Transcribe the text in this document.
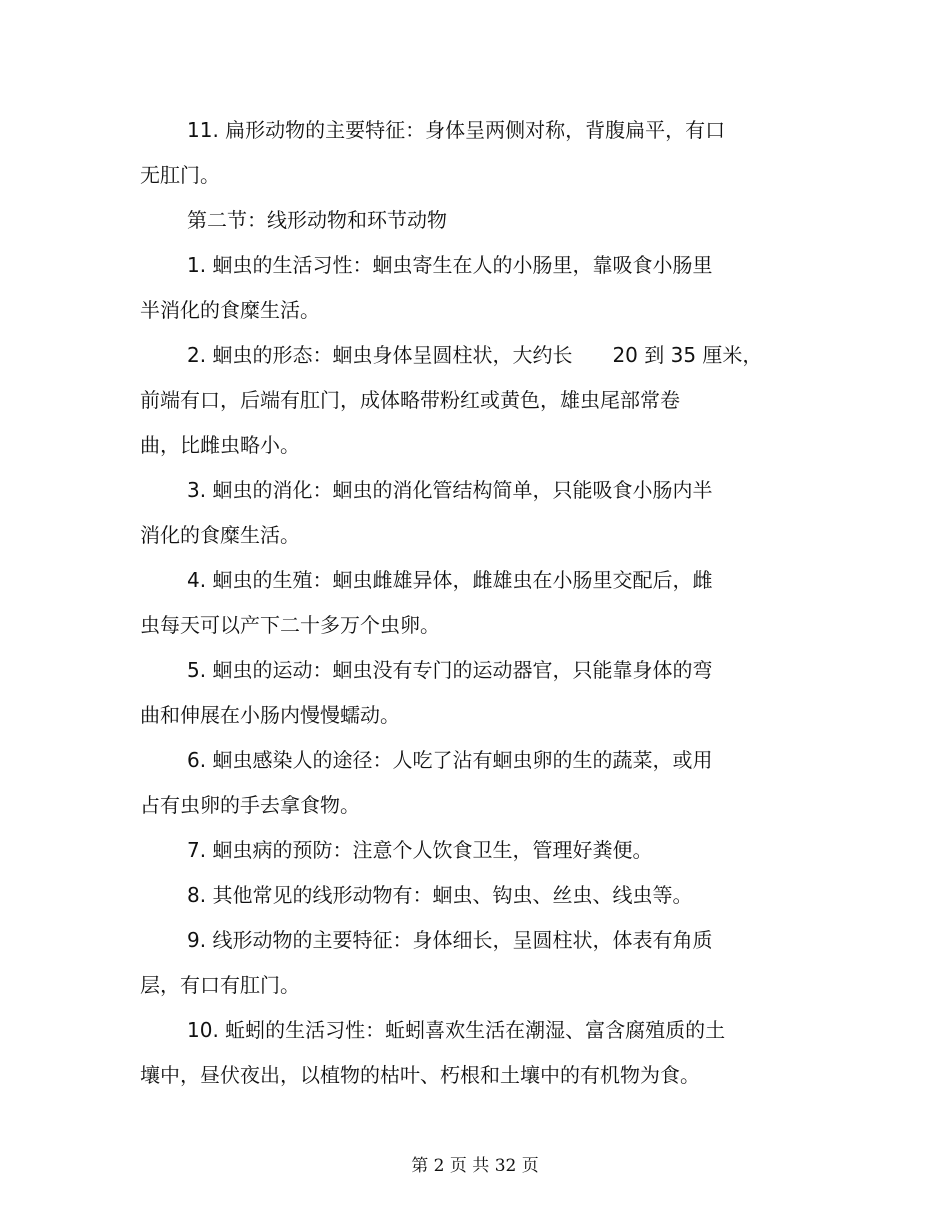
11. 扁形动物的主要特征：身体呈两侧对称，背腹扁平，有口
无肛门。
第二节：线形动物和环节动物
1. 蛔虫的生活习性：蛔虫寄生在人的小肠里，靠吸食小肠里
半消化的食糜生活。
2. 蛔虫的形态：蛔虫身体呈圆柱状，大约长　　20 到 35 厘米，
前端有口，后端有肛门，成体略带粉红或黄色，雄虫尾部常卷
曲，比雌虫略小。
3. 蛔虫的消化：蛔虫的消化管结构简单，只能吸食小肠内半
消化的食糜生活。
4. 蛔虫的生殖：蛔虫雌雄异体，雌雄虫在小肠里交配后，雌
虫每天可以产下二十多万个虫卵。
5. 蛔虫的运动：蛔虫没有专门的运动器官，只能靠身体的弯
曲和伸展在小肠内慢慢蠕动。
6. 蛔虫感染人的途径：人吃了沾有蛔虫卵的生的蔬菜，或用
占有虫卵的手去拿食物。
7. 蛔虫病的预防：注意个人饮食卫生，管理好粪便。
8. 其他常见的线形动物有：蛔虫、钩虫、丝虫、线虫等。
9. 线形动物的主要特征：身体细长，呈圆柱状，体表有角质
层，有口有肛门。
10. 蚯蚓的生活习性：蚯蚓喜欢生活在潮湿、富含腐殖质的土
壤中，昼伏夜出，以植物的枯叶、朽根和土壤中的有机物为食。
第 2 页 共 32 页
